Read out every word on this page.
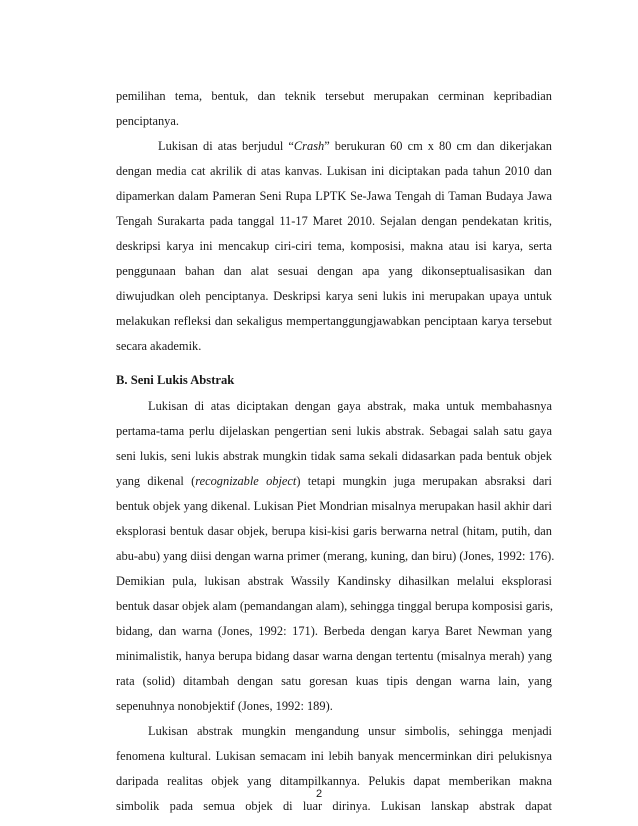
pemilihan tema, bentuk, dan teknik tersebut merupakan cerminan kepribadian
penciptanya.
Lukisan di atas berjudul “Crash” berukuran 60 cm x 80 cm dan dikerjakan
dengan media cat akrilik di atas kanvas. Lukisan ini diciptakan pada tahun 2010 dan
dipamerkan dalam Pameran Seni Rupa LPTK Se-Jawa Tengah di Taman Budaya Jawa
Tengah Surakarta pada tanggal 11-17 Maret 2010. Sejalan dengan pendekatan kritis,
deskripsi karya ini mencakup ciri-ciri tema, komposisi, makna atau isi karya, serta
penggunaan bahan dan alat sesuai dengan apa yang dikonseptualisasikan dan
diwujudkan oleh penciptanya. Deskripsi karya seni lukis ini merupakan upaya untuk
melakukan refleksi dan sekaligus mempertanggungjawabkan penciptaan karya tersebut
secara akademik.
B. Seni Lukis Abstrak
Lukisan di atas diciptakan dengan gaya abstrak, maka untuk membahasnya
pertama-tama perlu dijelaskan pengertian seni lukis abstrak. Sebagai salah satu gaya
seni lukis, seni lukis abstrak mungkin tidak sama sekali didasarkan pada bentuk objek
yang dikenal (recognizable object) tetapi mungkin juga merupakan absraksi dari
bentuk objek yang dikenal. Lukisan Piet Mondrian misalnya merupakan hasil akhir dari
eksplorasi bentuk dasar objek, berupa kisi-kisi garis berwarna netral (hitam, putih, dan
abu-abu) yang diisi dengan warna primer (merang, kuning, dan biru) (Jones, 1992: 176).
Demikian pula, lukisan abstrak Wassily Kandinsky dihasilkan melalui eksplorasi
bentuk dasar objek alam (pemandangan alam), sehingga tinggal berupa komposisi garis,
bidang, dan warna (Jones, 1992: 171). Berbeda dengan karya Baret Newman yang
minimalistik, hanya berupa bidang dasar warna dengan tertentu (misalnya merah) yang
rata (solid) ditambah dengan satu goresan kuas tipis dengan warna lain, yang
sepenuhnya nonobjektif (Jones, 1992: 189).
Lukisan abstrak mungkin mengandung unsur simbolis, sehingga menjadi
fenomena kultural. Lukisan semacam ini lebih banyak mencerminkan diri pelukisnya
daripada realitas objek yang ditampilkannya. Pelukis dapat memberikan makna
simbolik pada semua objek di luar dirinya. Lukisan lanskap abstrak dapat
2
